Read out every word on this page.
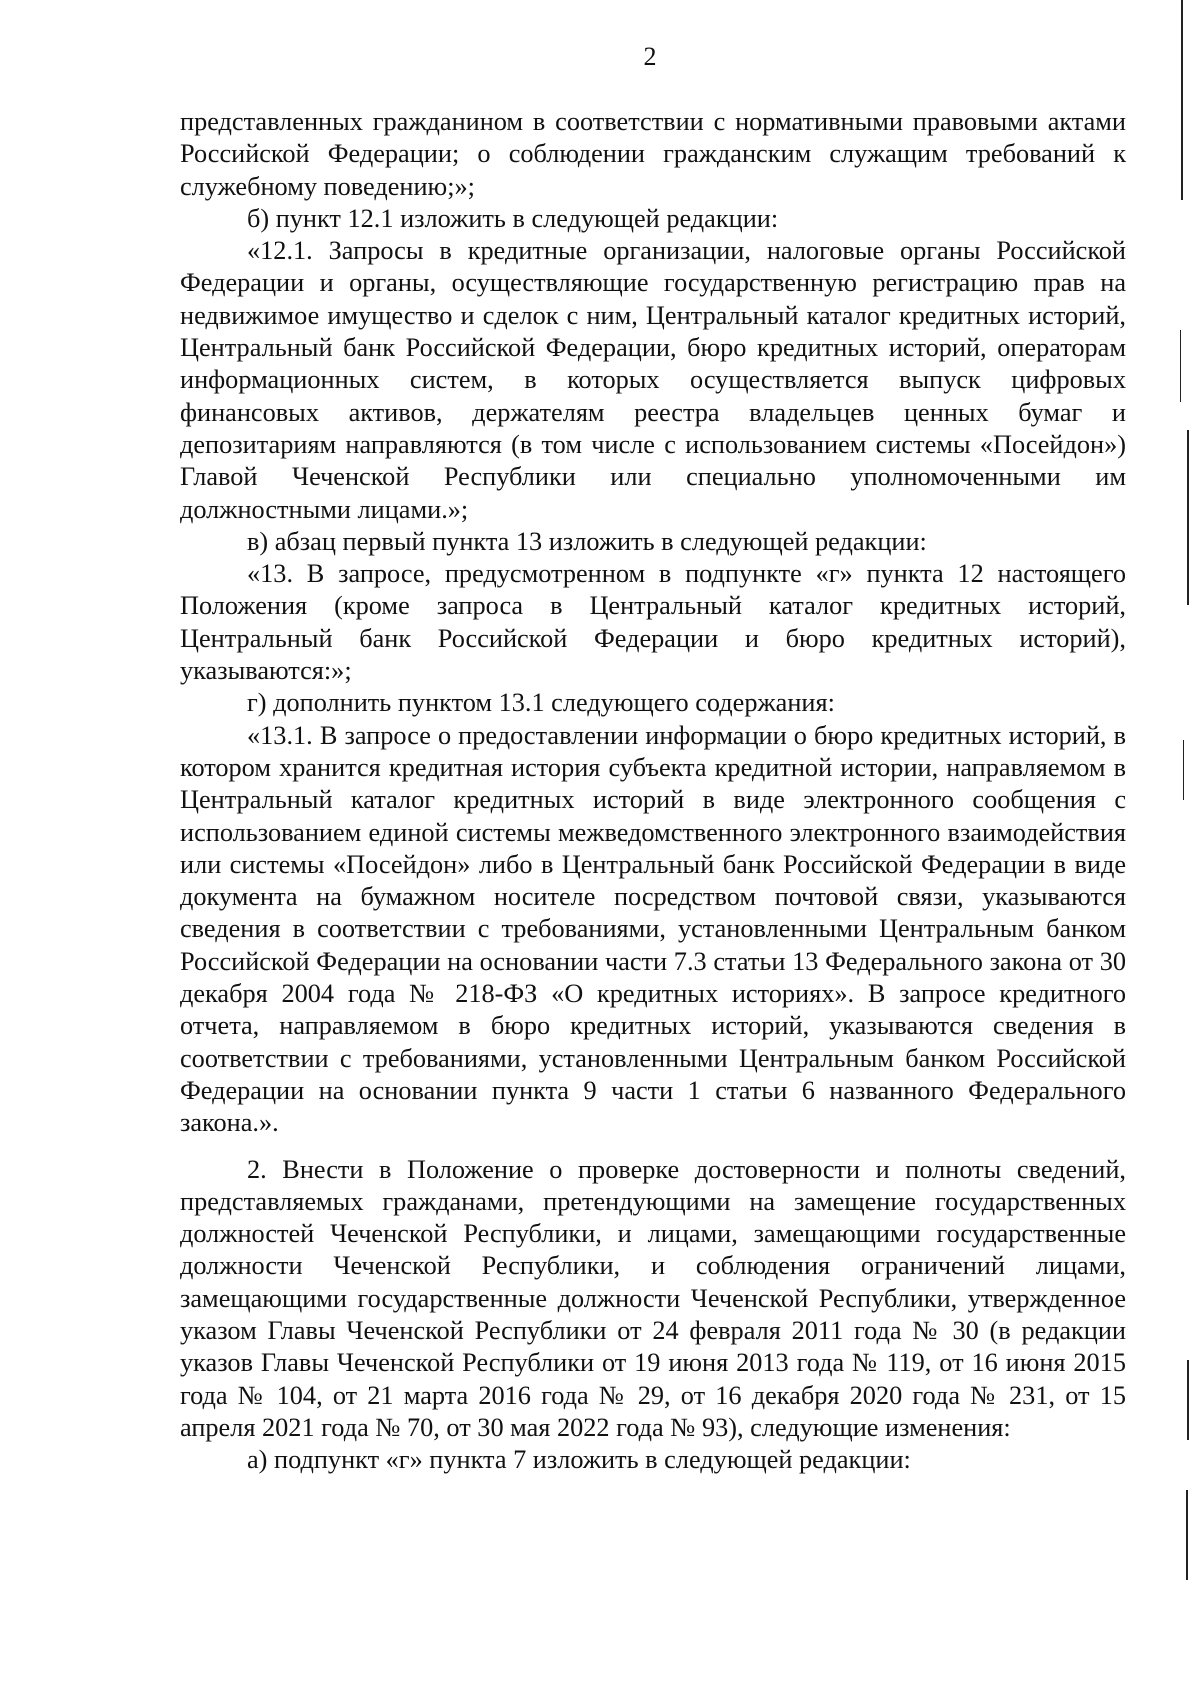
2

представленных гражданином в соответствии с нормативными правовыми актами Российской Федерации; о соблюдении гражданским служащим требований к служебному поведению;»;

б) пункт 12.1 изложить в следующей редакции:

«12.1. Запросы в кредитные организации, налоговые органы Российской Федерации и органы, осуществляющие государственную регистрацию прав на недвижимое имущество и сделок с ним, Центральный каталог кредитных историй, Центральный банк Российской Федерации, бюро кредитных историй, операторам информационных систем, в которых осуществляется выпуск цифровых финансовых активов, держателям реестра владельцев ценных бумаг и депозитариям направляются (в том числе с использованием системы «Посейдон») Главой Чеченской Республики или специально уполномоченными им должностными лицами.»;

в) абзац первый пункта 13 изложить в следующей редакции:

«13. В запросе, предусмотренном в подпункте «г» пункта 12 настоящего Положения (кроме запроса в Центральный каталог кредитных историй, Центральный банк Российской Федерации и бюро кредитных историй), указываются:»;

г) дополнить пунктом 13.1 следующего содержания:

«13.1. В запросе о предоставлении информации о бюро кредитных историй, в котором хранится кредитная история субъекта кредитной истории, направляемом в Центральный каталог кредитных историй в виде электронного сообщения с использованием единой системы межведомственного электронного взаимодействия или системы «Посейдон» либо в Центральный банк Российской Федерации в виде документа на бумажном носителе посредством почтовой связи, указываются сведения в соответствии с требованиями, установленными Центральным банком Российской Федерации на основании части 7.3 статьи 13 Федерального закона от 30 декабря 2004 года № 218-ФЗ «О кредитных историях». В запросе кредитного отчета, направляемом в бюро кредитных историй, указываются сведения в соответствии с требованиями, установленными Центральным банком Российской Федерации на основании пункта 9 части 1 статьи 6 названного Федерального закона.».

2. Внести в Положение о проверке достоверности и полноты сведений, представляемых гражданами, претендующими на замещение государственных должностей Чеченской Республики, и лицами, замещающими государственные должности Чеченской Республики, и соблюдения ограничений лицами, замещающими государственные должности Чеченской Республики, утвержденное указом Главы Чеченской Республики от 24 февраля 2011 года № 30 (в редакции указов Главы Чеченской Республики от 19 июня 2013 года № 119, от 16 июня 2015 года № 104, от 21 марта 2016 года № 29, от 16 декабря 2020 года № 231, от 15 апреля 2021 года № 70, от 30 мая 2022 года № 93), следующие изменения:

а) подпункт «г» пункта 7 изложить в следующей редакции:
